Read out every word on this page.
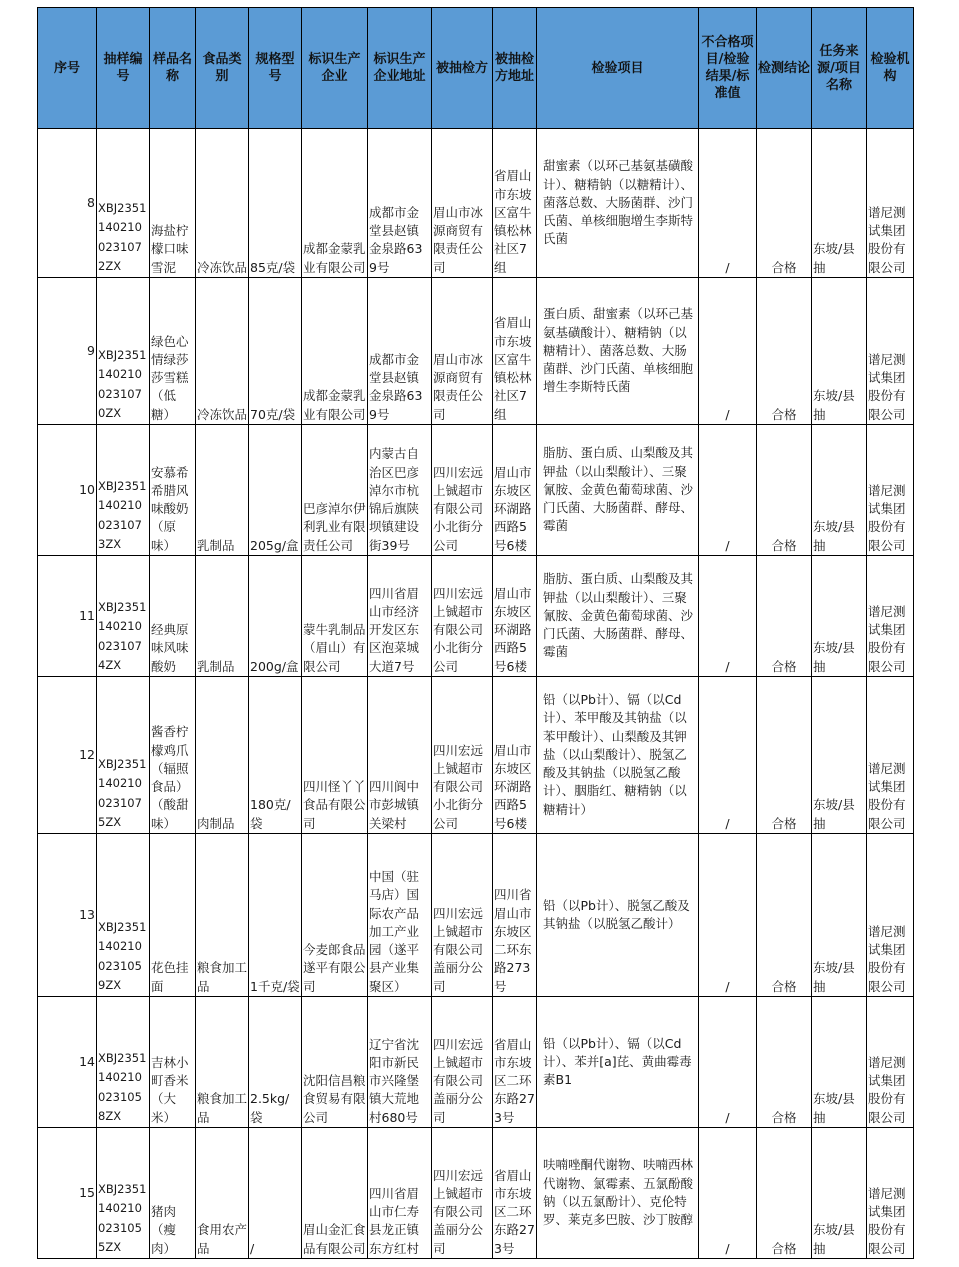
序号	抽样编号	样品名称	食品类别	规格型号	标识生产企业	标识生产企业地址	被抽检方	被抽检方地址	检验项目	不合格项目/检验结果/标准值	检测结论	任务来源/项目名称	检验机构
8	XBJ23511402100231072ZX	海盐柠檬口味雪泥	冷冻饮品	85克/袋	成都金蒙乳业有限公司	成都市金堂县赵镇金泉路639号	眉山市冰源商贸有限责任公司	省眉山市东坡区富牛镇松林社区7组	甜蜜素（以环己基氨基磺酸计）、糖精钠（以糖精计）、菌落总数、大肠菌群、沙门氏菌、单核细胞增生李斯特氏菌	/	合格	东坡/县抽	谱尼测试集团股份有限公司
9	XBJ23511402100231070ZX	绿色心情绿莎莎雪糕（低糖）	冷冻饮品	70克/袋	成都金蒙乳业有限公司	成都市金堂县赵镇金泉路639号	眉山市冰源商贸有限责任公司	省眉山市东坡区富牛镇松林社区7组	蛋白质、甜蜜素（以环己基氨基磺酸计）、糖精钠（以糖精计）、菌落总数、大肠菌群、沙门氏菌、单核细胞增生李斯特氏菌	/	合格	东坡/县抽	谱尼测试集团股份有限公司
10	XBJ23511402100231073ZX	安慕希希腊风味酸奶（原味）	乳制品	205g/盒	巴彦淖尔伊利乳业有限责任公司	内蒙古自治区巴彦淖尔市杭锦后旗陕坝镇建设街39号	四川宏远上铖超市有限公司小北街分公司	眉山市东坡区环湖路西路5号6楼	脂肪、蛋白质、山梨酸及其钾盐（以山梨酸计）、三聚氰胺、金黄色葡萄球菌、沙门氏菌、大肠菌群、酵母、霉菌	/	合格	东坡/县抽	谱尼测试集团股份有限公司
11	XBJ23511402100231074ZX	经典原味风味酸奶	乳制品	200g/盒	蒙牛乳制品（眉山）有限公司	四川省眉山市经济开发区东区泡菜城大道7号	四川宏远上铖超市有限公司小北街分公司	眉山市东坡区环湖路西路5号6楼	脂肪、蛋白质、山梨酸及其钾盐（以山梨酸计）、三聚氰胺、金黄色葡萄球菌、沙门氏菌、大肠菌群、酵母、霉菌	/	合格	东坡/县抽	谱尼测试集团股份有限公司
12	XBJ23511402100231075ZX	酱香柠檬鸡爪（辐照食品）（酸甜味）	肉制品	180克/袋	四川怪丫丫食品有限公司	四川阆中市彭城镇关梁村	四川宏远上铖超市有限公司小北街分公司	眉山市东坡区环湖路西路5号6楼	铅（以Pb计）、镉（以Cd计）、苯甲酸及其钠盐（以苯甲酸计）、山梨酸及其钾盐（以山梨酸计）、脱氢乙酸及其钠盐（以脱氢乙酸计）、胭脂红、糖精钠（以糖精计）	/	合格	东坡/县抽	谱尼测试集团股份有限公司
13	XBJ23511402100231059ZX	花色挂面	粮食加工品	1千克/袋	今麦郎食品遂平有限公司	中国（驻马店）国际农产品加工产业园（遂平县产业集聚区）	四川宏远上铖超市有限公司盖丽分公司	四川省眉山市东坡区二环东路273号	铅（以Pb计）、脱氢乙酸及其钠盐（以脱氢乙酸计）	/	合格	东坡/县抽	谱尼测试集团股份有限公司
14	XBJ23511402100231058ZX	吉林小町香米（大米）	粮食加工品	2.5kg/袋	沈阳信昌粮食贸易有限公司	辽宁省沈阳市新民市兴隆堡镇大荒地村680号	四川宏远上铖超市有限公司盖丽分公司	省眉山市东坡区二环东路273号	铅（以Pb计）、镉（以Cd计）、苯并[a]芘、黄曲霉毒素B1	/	合格	东坡/县抽	谱尼测试集团股份有限公司
15	XBJ23511402100231055ZX	猪肉（瘦肉）	食用农产品	/	眉山金汇食品有限公司	四川省眉山市仁寿县龙正镇东方红村	四川宏远上铖超市有限公司盖丽分公司	省眉山市东坡区二环东路273号	呋喃唑酮代谢物、呋喃西林代谢物、氯霉素、五氯酚酸钠（以五氯酚计）、克伦特罗、莱克多巴胺、沙丁胺醇	/	合格	东坡/县抽	谱尼测试集团股份有限公司
